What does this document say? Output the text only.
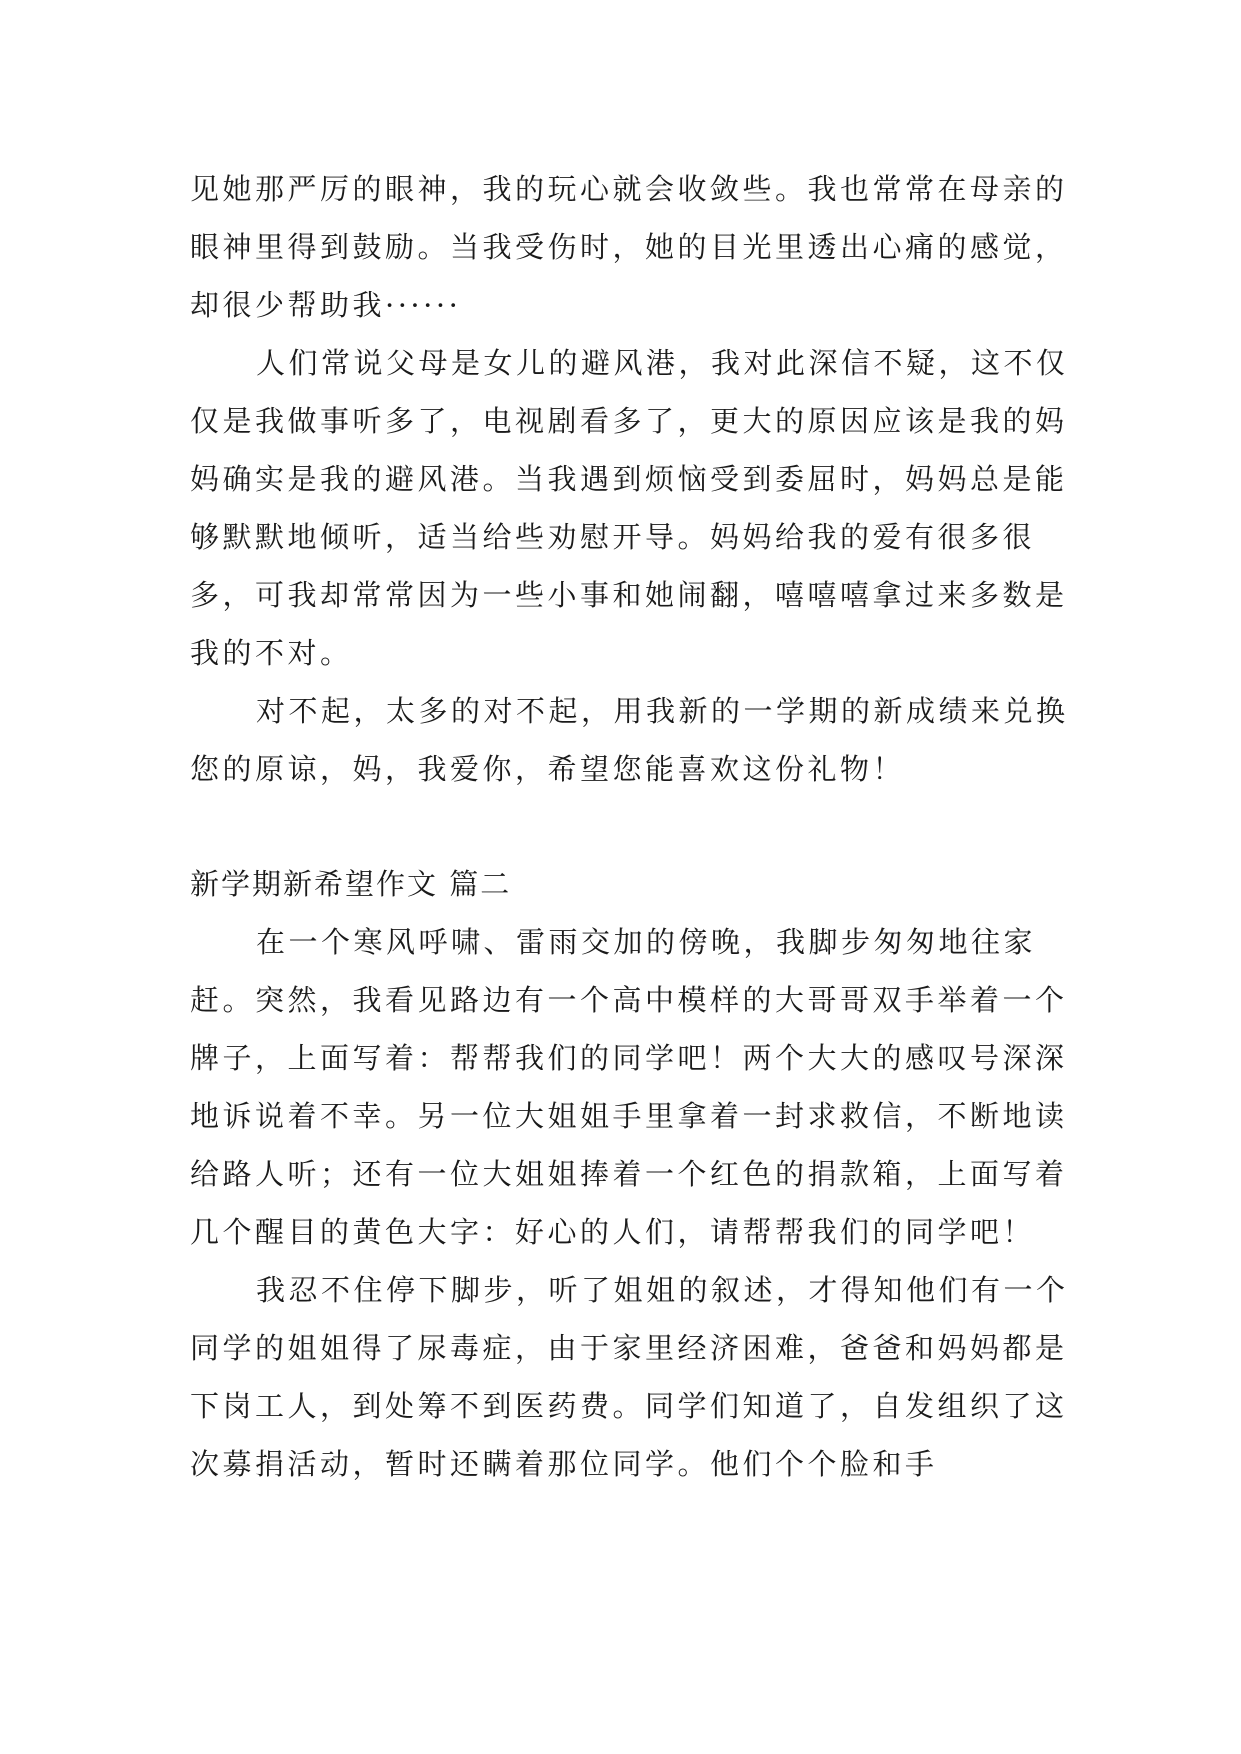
见她那严厉的眼神，我的玩心就会收敛些。我也常常在母亲的眼神里得到鼓励。当我受伤时，她的目光里透出心痛的感觉，却很少帮助我······

人们常说父母是女儿的避风港，我对此深信不疑，这不仅仅是我做事听多了，电视剧看多了，更大的原因应该是我的妈妈确实是我的避风港。当我遇到烦恼受到委屈时，妈妈总是能够默默地倾听，适当给些劝慰开导。妈妈给我的爱有很多很多，可我却常常因为一些小事和她闹翻，嘻嘻嘻拿过来多数是我的不对。

对不起，太多的对不起，用我新的一学期的新成绩来兑换您的原谅，妈，我爱你，希望您能喜欢这份礼物！

新学期新希望作文 篇二

在一个寒风呼啸、雷雨交加的傍晚，我脚步匆匆地往家赶。突然，我看见路边有一个高中模样的大哥哥双手举着一个牌子，上面写着：帮帮我们的同学吧！两个大大的感叹号深深地诉说着不幸。另一位大姐姐手里拿着一封求救信，不断地读给路人听；还有一位大姐姐捧着一个红色的捐款箱，上面写着几个醒目的黄色大字：好心的人们，请帮帮我们的同学吧！

我忍不住停下脚步，听了姐姐的叙述，才得知他们有一个同学的姐姐得了尿毒症，由于家里经济困难，爸爸和妈妈都是下岗工人，到处筹不到医药费。同学们知道了，自发组织了这次募捐活动，暂时还瞒着那位同学。他们个个脸和手
